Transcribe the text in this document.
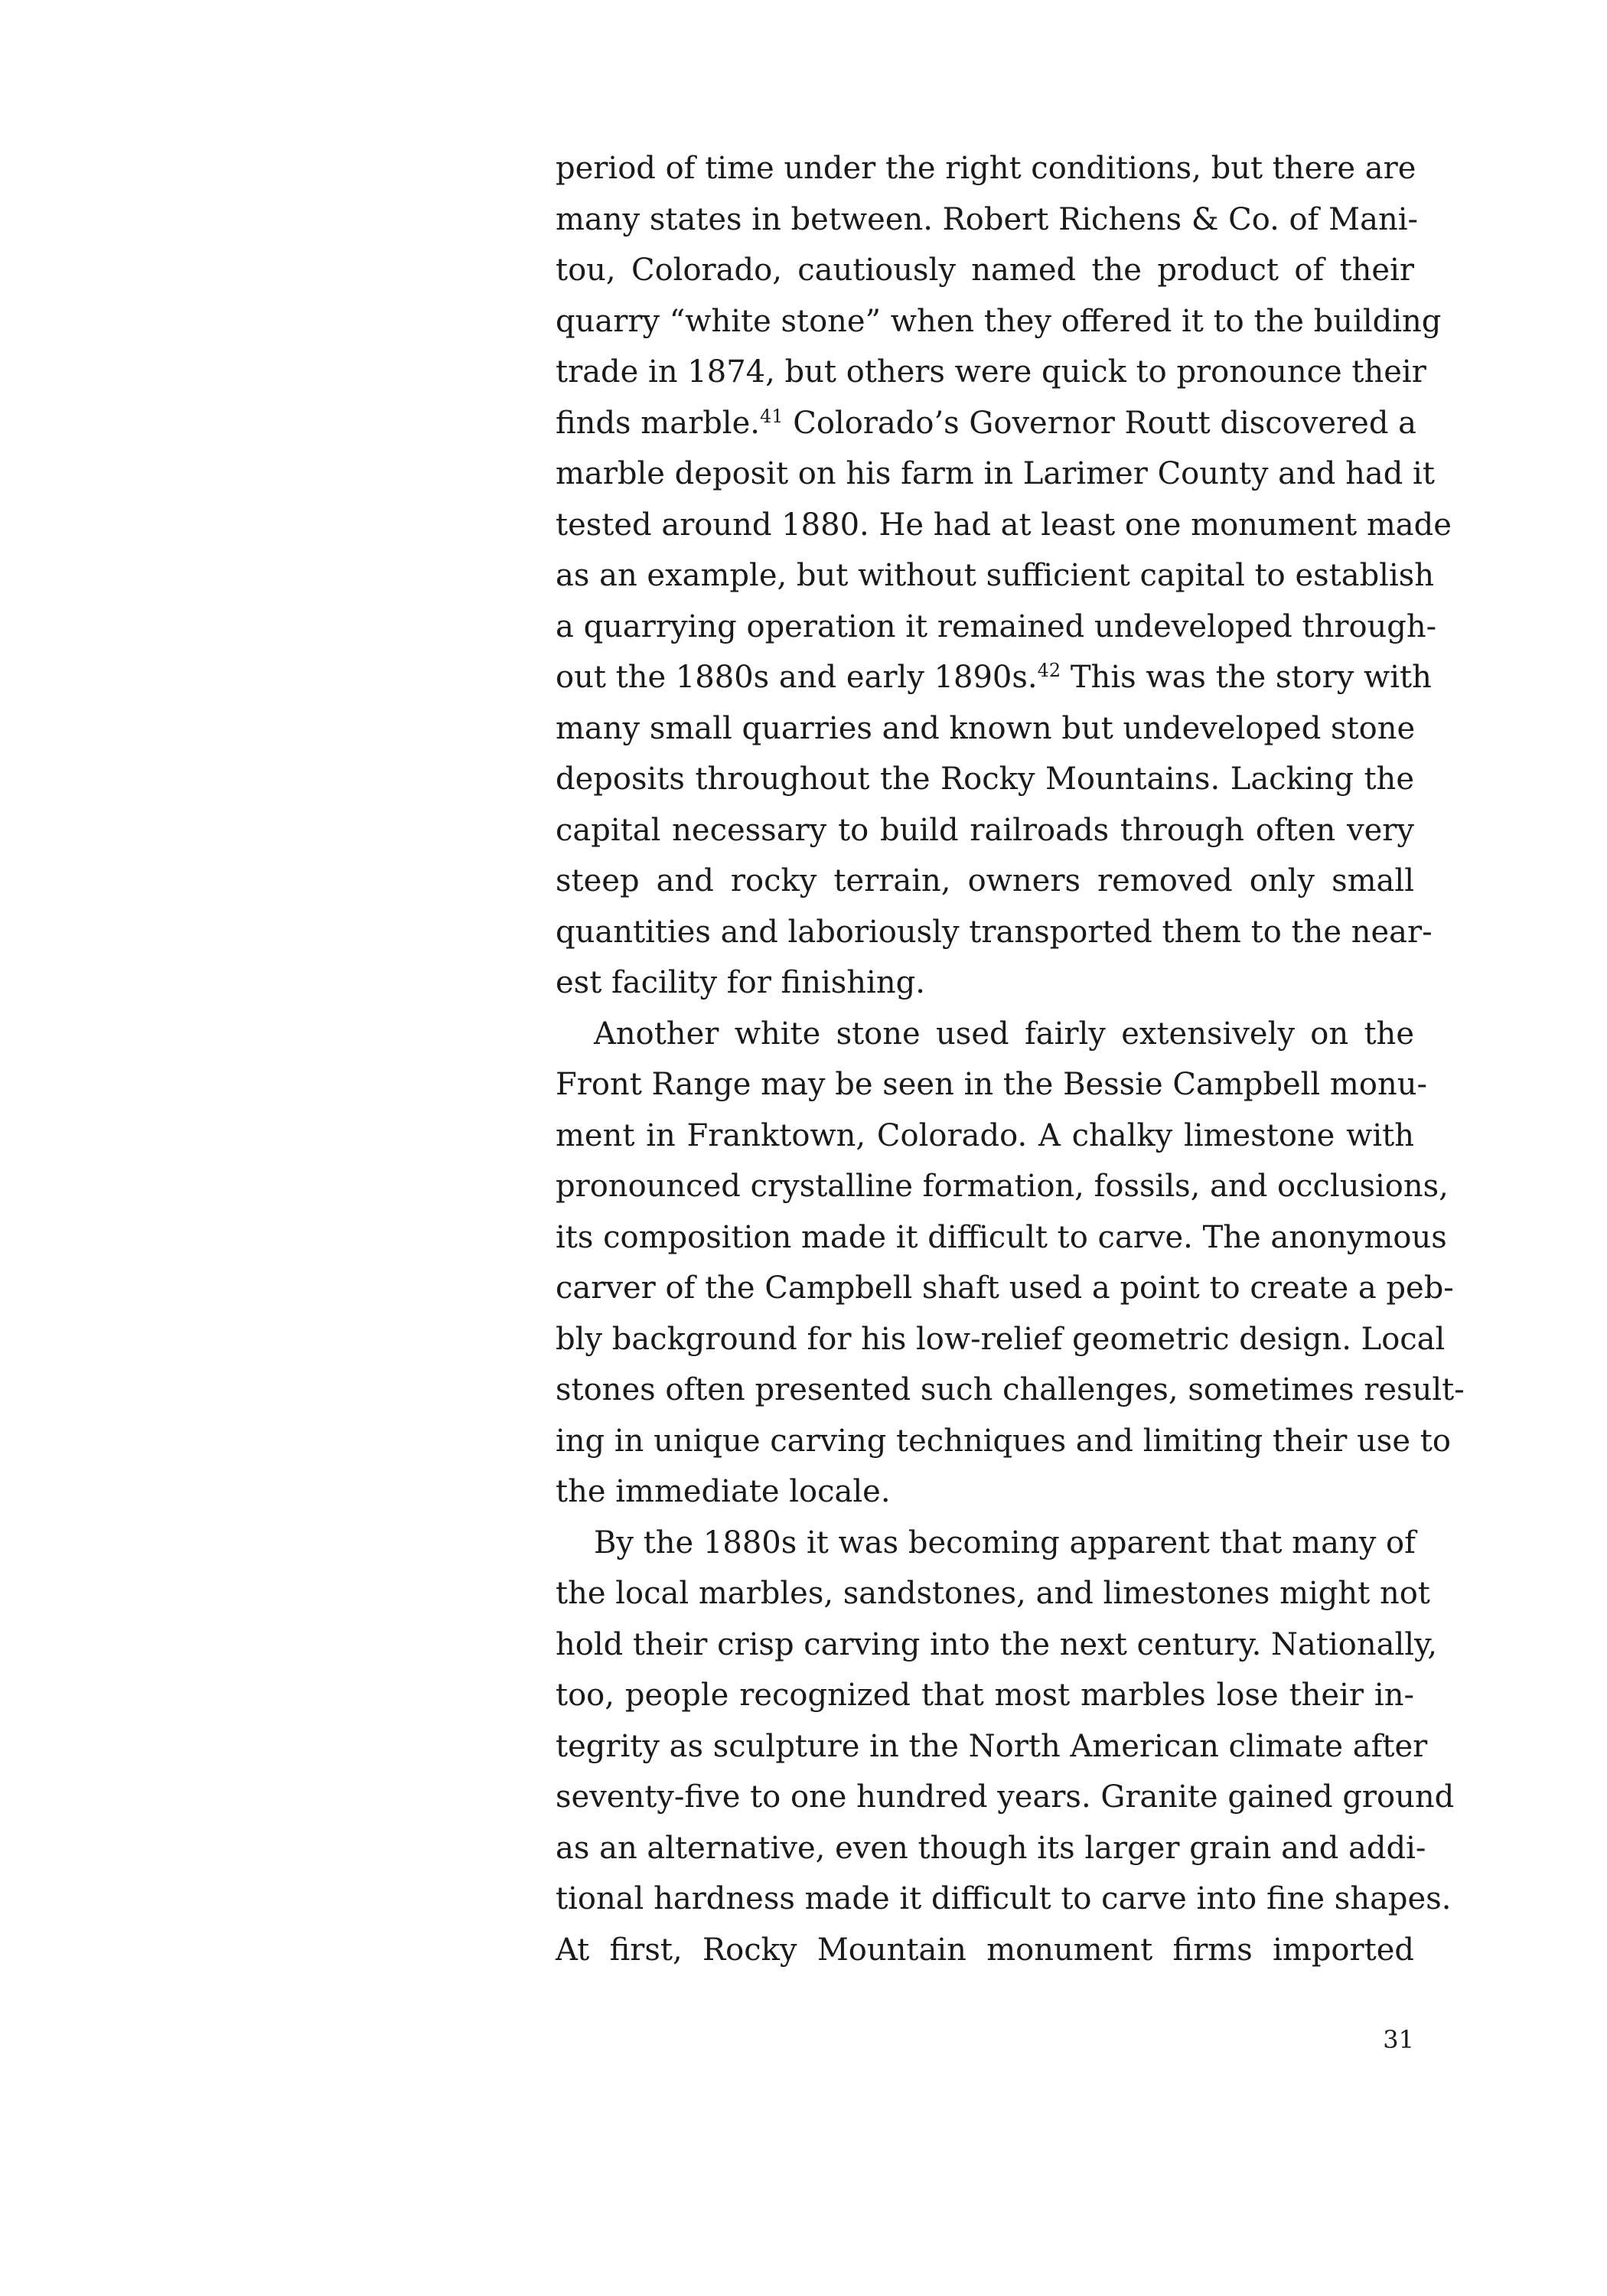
period of time under the right conditions, but there are
many states in between. Robert Richens & Co. of Mani-
tou, Colorado, cautiously named the product of their
quarry “white stone” when they offered it to the building
trade in 1874, but others were quick to pronounce their
finds marble.$^{41}$ Colorado’s Governor Routt discovered a
marble deposit on his farm in Larimer County and had it
tested around 1880. He had at least one monument made
as an example, but without sufficient capital to establish
a quarrying operation it remained undeveloped through-
out the 1880s and early 1890s.$^{42}$ This was the story with
many small quarries and known but undeveloped stone
deposits throughout the Rocky Mountains. Lacking the
capital necessary to build railroads through often very
steep and rocky terrain, owners removed only small
quantities and laboriously transported them to the near-
est facility for finishing.
Another white stone used fairly extensively on the
Front Range may be seen in the Bessie Campbell monu-
ment in Franktown, Colorado. A chalky limestone with
pronounced crystalline formation, fossils, and occlusions,
its composition made it difficult to carve. The anonymous
carver of the Campbell shaft used a point to create a peb-
bly background for his low-relief geometric design. Local
stones often presented such challenges, sometimes result-
ing in unique carving techniques and limiting their use to
the immediate locale.
By the 1880s it was becoming apparent that many of
the local marbles, sandstones, and limestones might not
hold their crisp carving into the next century. Nationally,
too, people recognized that most marbles lose their in-
tegrity as sculpture in the North American climate after
seventy-five to one hundred years. Granite gained ground
as an alternative, even though its larger grain and addi-
tional hardness made it difficult to carve into fine shapes.
At first, Rocky Mountain monument firms imported
31
